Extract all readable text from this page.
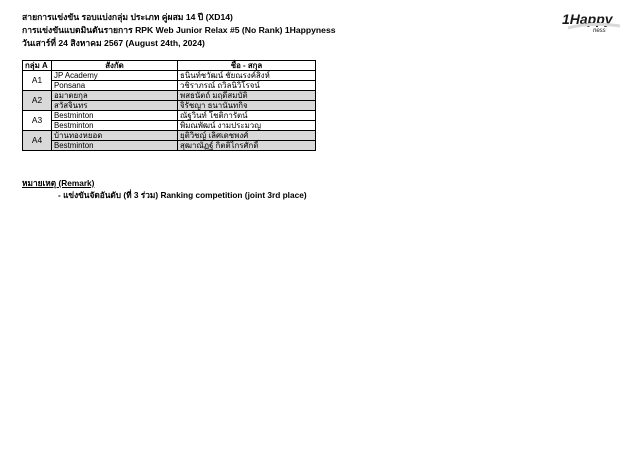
สายการแข่งขัน รอบแบ่งกลุ่ม ประเภท คู่ผสม 14 ปี (XD14)
การแข่งขันแบดมินตันรายการ RPK Web Junior Relax #5 (No Rank) 1Happyness
วันเสาร์ที่ 24 สิงหาคม 2567 (August 24th, 2024)
1Happy
ness
กลุ่ม A	สังกัด	ชื่อ - สกุล
A1	JP Academy	ธนินท์ชวัฒน์ ชัยณรงค์สิงห์
	Ponsana	วชิราภรณ์ ถวิลนิวิโรจน์
A2	อมาตยกุล	พสธนัตถ์ มฤดีสมบัติ
	สวัสจินทร	จิรัชญา ธนานันทกิจ
A3	Bestminton	ณัฐวินท์ โชติการัตน์
	Bestminton	พิมณพัฒน์ งามประมวญ
A4	บ้านทองหยอด	ยุติวิชญ์ เลิศเดชพงศ์
	Bestminton	สุฒาณัฏฐ์ กิตติไกรศักดิ์
หมายเหตุ (Remark)
- แข่งขันจัดอันดับ (ที่ 3 ร่วม) Ranking competition (joint 3rd place)
